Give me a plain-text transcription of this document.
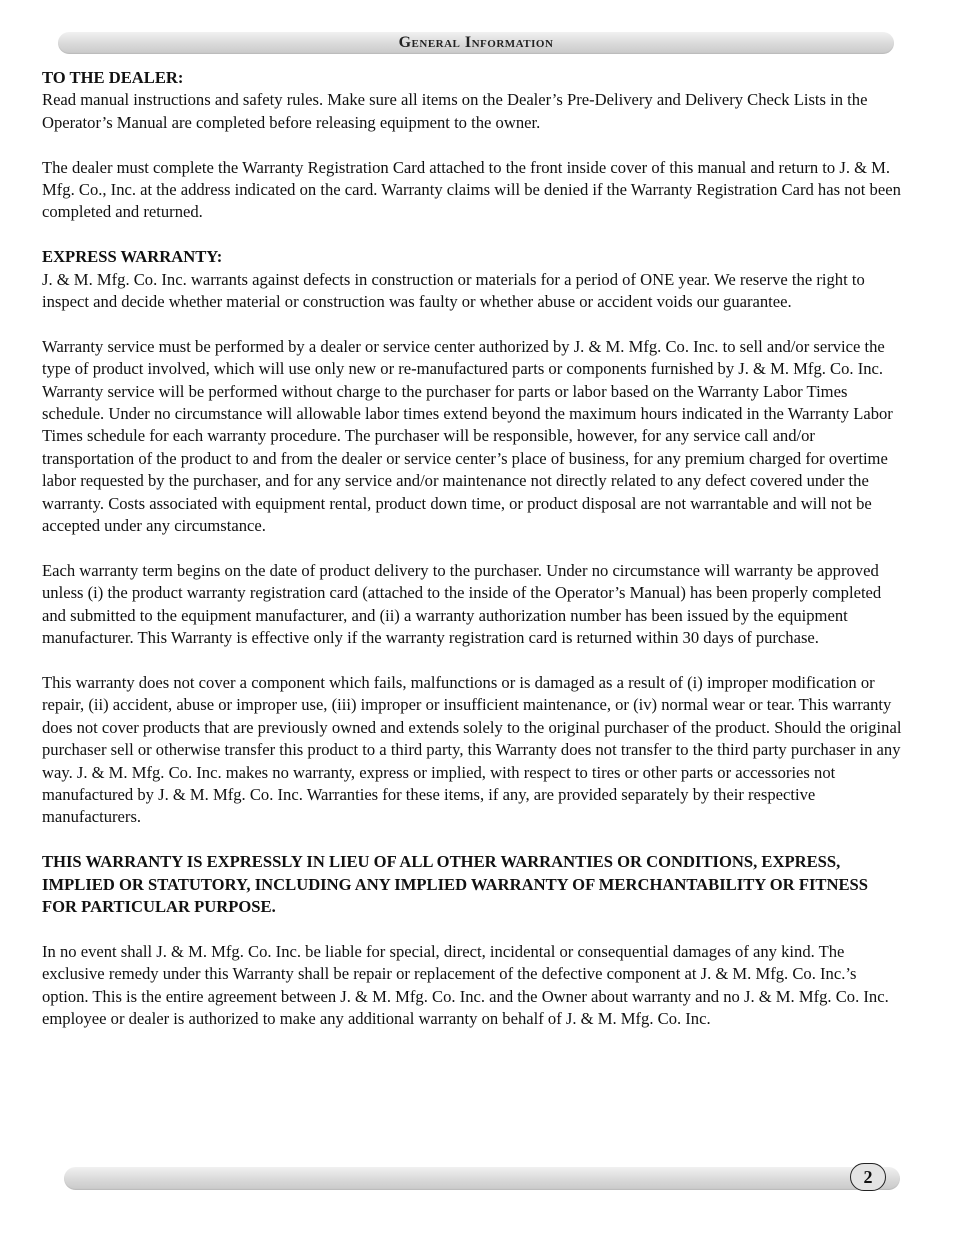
General Information
TO THE DEALER:

Read manual instructions and safety rules. Make sure all items on the Dealer’s Pre-Delivery and Delivery Check Lists in the Operator’s Manual are completed before releasing equipment to the owner.

The dealer must complete the Warranty Registration Card attached to the front inside cover of this manual and return to J. & M. Mfg. Co., Inc. at the address indicated on the card. Warranty claims will be denied if the Warranty Registration Card has not been completed and returned.

EXPRESS WARRANTY:

J. & M. Mfg. Co. Inc. warrants against defects in construction or materials for a period of ONE year. We reserve the right to inspect and decide whether material or construction was faulty or whether abuse or accident voids our guarantee.

Warranty service must be performed by a dealer or service center authorized by J. & M. Mfg. Co. Inc. to sell and/or service the type of product involved, which will use only new or re-manufactured parts or components furnished by J. & M. Mfg. Co. Inc. Warranty service will be performed without charge to the purchaser for parts or labor based on the Warranty Labor Times schedule. Under no circumstance will allowable labor times extend beyond the maximum hours indicated in the Warranty Labor Times schedule for each warranty procedure. The purchaser will be responsible, however, for any service call and/or transportation of the product to and from the dealer or service center’s place of business, for any premium charged for overtime labor requested by the purchaser, and for any service and/or maintenance not directly related to any defect covered under the warranty. Costs associated with equipment rental, product down time, or product disposal are not warrantable and will not be accepted under any circumstance.

Each warranty term begins on the date of product delivery to the purchaser. Under no circumstance will warranty be approved unless (i) the product warranty registration card (attached to the inside of the Operator’s Manual) has been properly completed and submitted to the equipment manufacturer, and (ii) a warranty authorization number has been issued by the equipment manufacturer. This Warranty is effective only if the warranty registration card is returned within 30 days of purchase.

This warranty does not cover a component which fails, malfunctions or is damaged as a result of (i) improper modification or repair, (ii) accident, abuse or improper use, (iii) improper or insufficient maintenance, or (iv) normal wear or tear. This warranty does not cover products that are previously owned and extends solely to the original purchaser of the product. Should the original purchaser sell or otherwise transfer this product to a third party, this Warranty does not transfer to the third party purchaser in any way. J. & M. Mfg. Co. Inc. makes no warranty, express or implied, with respect to tires or other parts or accessories not manufactured by J. & M. Mfg. Co. Inc. Warranties for these items, if any, are provided separately by their respective manufacturers.

THIS WARRANTY IS EXPRESSLY IN LIEU OF ALL OTHER WARRANTIES OR CONDITIONS, EXPRESS, IMPLIED OR STATUTORY, INCLUDING ANY IMPLIED WARRANTY OF MERCHANTABILITY OR FITNESS FOR PARTICULAR PURPOSE.

In no event shall J. & M. Mfg. Co. Inc. be liable for special, direct, incidental or consequential damages of any kind. The exclusive remedy under this Warranty shall be repair or replacement of the defective component at J. & M. Mfg. Co. Inc.’s option. This is the entire agreement between J. & M. Mfg. Co. Inc. and the Owner about warranty and no J. & M. Mfg. Co. Inc. employee or dealer is authorized to make any additional warranty on behalf of J. & M. Mfg. Co. Inc.

2
